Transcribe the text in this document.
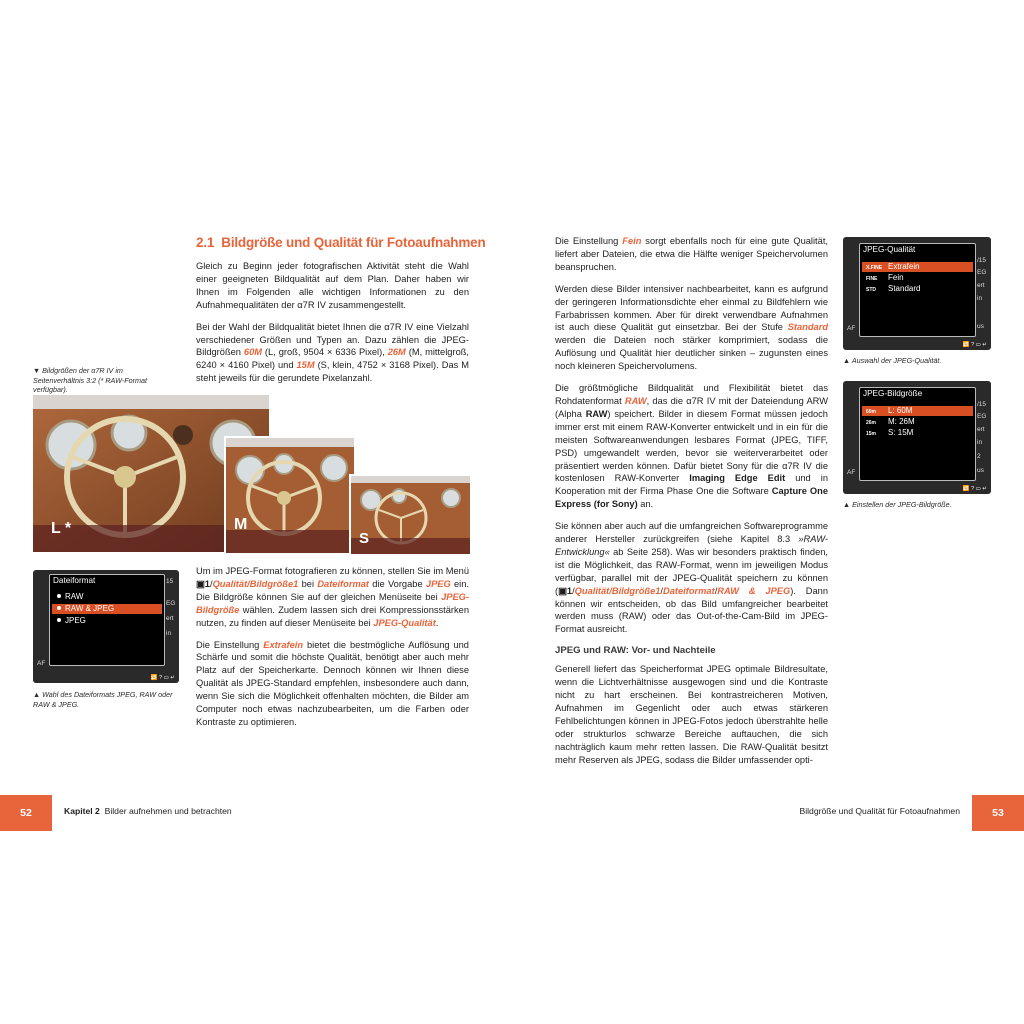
2.1 Bildgröße und Qualität für Fotoaufnahmen

Gleich zu Beginn jeder fotografischen Aktivität steht die Wahl einer geeigneten Bildqualität auf dem Plan. Daher haben wir Ihnen im Folgenden alle wichtigen Informationen zu den Aufnahmequalitäten der α7R IV zusammengestellt.

Bei der Wahl der Bildqualität bietet Ihnen die α7R IV eine Vielzahl verschiedener Größen und Typen an. Dazu zählen die JPEG-Bildgrößen 60M (L, groß, 9504 × 6336 Pixel), 26M (M, mittelgroß, 6240 × 4160 Pixel) und 15M (S, klein, 4752 × 3168 Pixel). Das M steht jeweils für die gerundete Pixelanzahl.

▼ Bildgrößen der α7R IV im Seitenverhältnis 3:2 (* RAW-Format verfügbar).
L *	M
S
15
EG
ert
in
AF
Dateiformat
RAW
RAW & JPEG
JPEG
🔁 ? ▭ ↵
▲ Wahl des Dateiformats JPEG, RAW oder RAW & JPEG.

Um im JPEG-Format fotografieren zu können, stellen Sie im Menü ▣1/Qualität/Bildgröße1 bei Dateiformat die Vorgabe JPEG ein. Die Bildgröße können Sie auf der gleichen Menüseite bei JPEG-Bildgröße wählen. Zudem lassen sich drei Kompressionsstärken nutzen, zu finden auf dieser Menüseite bei JPEG-Qualität.

Die Einstellung Extrafein bietet die bestmögliche Auflösung und Schärfe und somit die höchste Qualität, benötigt aber auch mehr Platz auf der Speicherkarte. Dennoch können wir Ihnen diese Qualität als JPEG-Standard empfehlen, insbesondere auch dann, wenn Sie sich die Möglichkeit offenhalten möchten, die Bilder am Computer noch etwas nachzubearbeiten, um die Farben oder Kontraste zu optimieren.

Die Einstellung Fein sorgt ebenfalls noch für eine gute Qualität, liefert aber Dateien, die etwa die Hälfte weniger Speichervolumen beanspruchen.

Werden diese Bilder intensiver nachbearbeitet, kann es aufgrund der geringeren Informationsdichte eher einmal zu Bildfehlern wie Farbabrissen kommen. Aber für direkt verwendbare Aufnahmen ist auch diese Qualität gut einsetzbar. Bei der Stufe Standard werden die Dateien noch stärker komprimiert, sodass die Auflösung und Qualität hier deutlicher sinken – zugunsten eines noch kleineren Speichervolumens.

Die größtmögliche Bildqualität und Flexibilität bietet das Rohdatenformat RAW, das die α7R IV mit der Dateiendung ARW (Alpha RAW) speichert. Bilder in diesem Format müssen jedoch immer erst mit einem RAW-Konverter entwickelt und in ein für die meisten Softwareanwendungen lesbares Format (JPEG, TIFF, PSD) umgewandelt werden, bevor sie weiterverarbeitet oder präsentiert werden können. Dafür bietet Sony für die α7R IV die kostenlosen RAW-Konverter Imaging Edge Edit und in Kooperation mit der Firma Phase One die Software Capture One Express (for Sony) an.

Sie können aber auch auf die umfangreichen Softwareprogramme anderer Hersteller zurückgreifen (siehe Kapitel 8.3 »RAW-Entwicklung« ab Seite 258). Was wir besonders praktisch finden, ist die Möglichkeit, das RAW-Format, wenn im jeweiligen Modus verfügbar, parallel mit der JPEG-Qualität speichern zu können (▣1/Qualität/Bildgröße1/Dateiformat/RAW & JPEG). Dann können wir entscheiden, ob das Bild umfangreicher bearbeitet werden muss (RAW) oder das Out-of-the-Cam-Bild im JPEG-Format ausreicht.

JPEG und RAW: Vor- und Nachteile

Generell liefert das Speicherformat JPEG optimale Bildresultate, wenn die Lichtverhältnisse ausgewogen sind und die Kontraste nicht zu hart erscheinen. Bei kontrastreicheren Motiven, Aufnahmen im Gegenlicht oder auch etwas stärkeren Fehlbelichtungen können in JPEG-Fotos jedoch überstrahlte helle oder strukturlos schwarze Bereiche auftauchen, die sich nachträglich kaum mehr retten lassen. Die RAW-Qualität besitzt mehr Reserven als JPEG, sodass die Bilder umfassender opti-

/15
EG
ert
in
us
AF
JPEG-Qualität
X.FINE Extrafein
FINE Fein
STD Standard
🔁 ? ▭ ↵
▲ Auswahl der JPEG-Qualität.
/15
EG
ert
in
2
us
AF
JPEG-Bildgröße
60m L: 60M
26m M: 26M
15m S: 15M
🔁 ? ▭ ↵
▲ Einstellen der JPEG-Bildgröße.
52	Kapitel 2 Bilder aufnehmen und betrachten	Bildgröße und Qualität für Fotoaufnahmen	53
